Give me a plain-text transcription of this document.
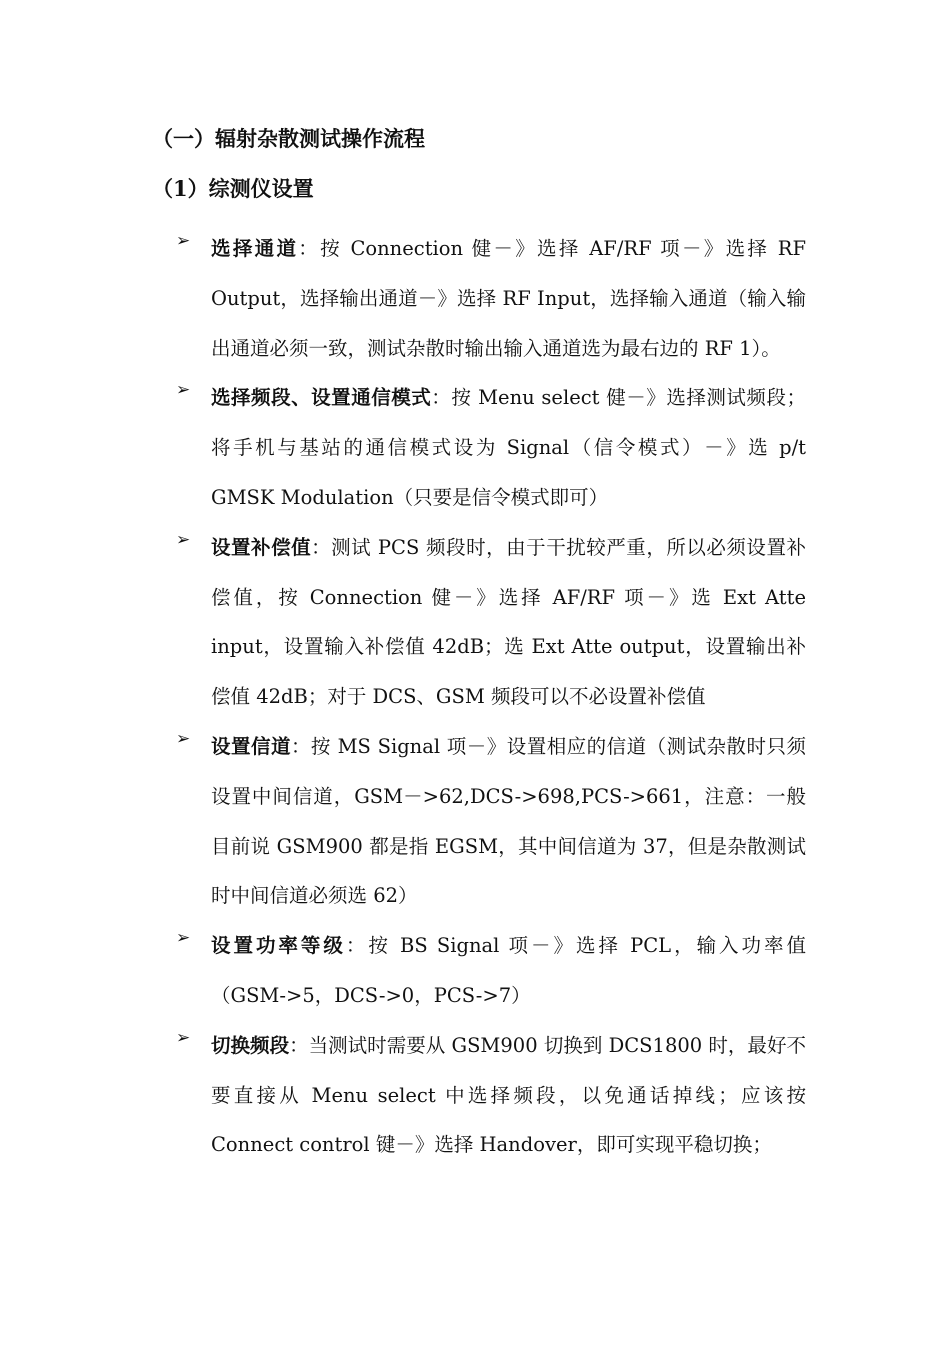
（一）辐射杂散测试操作流程
（1）综测仪设置
➢ 选择通道：按 Connection 健－》选择 AF/RF 项－》选择 RF Output，选择输出通道－》选择 RF Input，选择输入通道（输入输出通道必须一致，测试杂散时输出输入通道选为最右边的 RF 1）。

➢ 选择频段、设置通信模式：按 Menu select 健－》选择测试频段；将手机与基站的通信模式设为 Signal（信令模式）－》选 p/t GMSK Modulation（只要是信令模式即可）

➢ 设置补偿值：测试 PCS 频段时，由于干扰较严重，所以必须设置补偿值，按 Connection 健－》选择 AF/RF 项－》选 Ext Atte input，设置输入补偿值 42dB；选 Ext Atte output，设置输出补偿值 42dB；对于 DCS、GSM 频段可以不必设置补偿值

➢ 设置信道：按 MS Signal 项－》设置相应的信道（测试杂散时只须设置中间信道，GSM－>62,DCS->698,PCS->661，注意：一般目前说 GSM900 都是指 EGSM，其中间信道为 37，但是杂散测试时中间信道必须选 62）

➢ 设置功率等级：按 BS Signal 项－》选择 PCL，输入功率值（GSM->5，DCS->0，PCS->7）

➢ 切换频段：当测试时需要从 GSM900 切换到 DCS1800 时，最好不要直接从 Menu select 中选择频段，以免通话掉线；应该按 Connect control 键－》选择 Handover，即可实现平稳切换；
